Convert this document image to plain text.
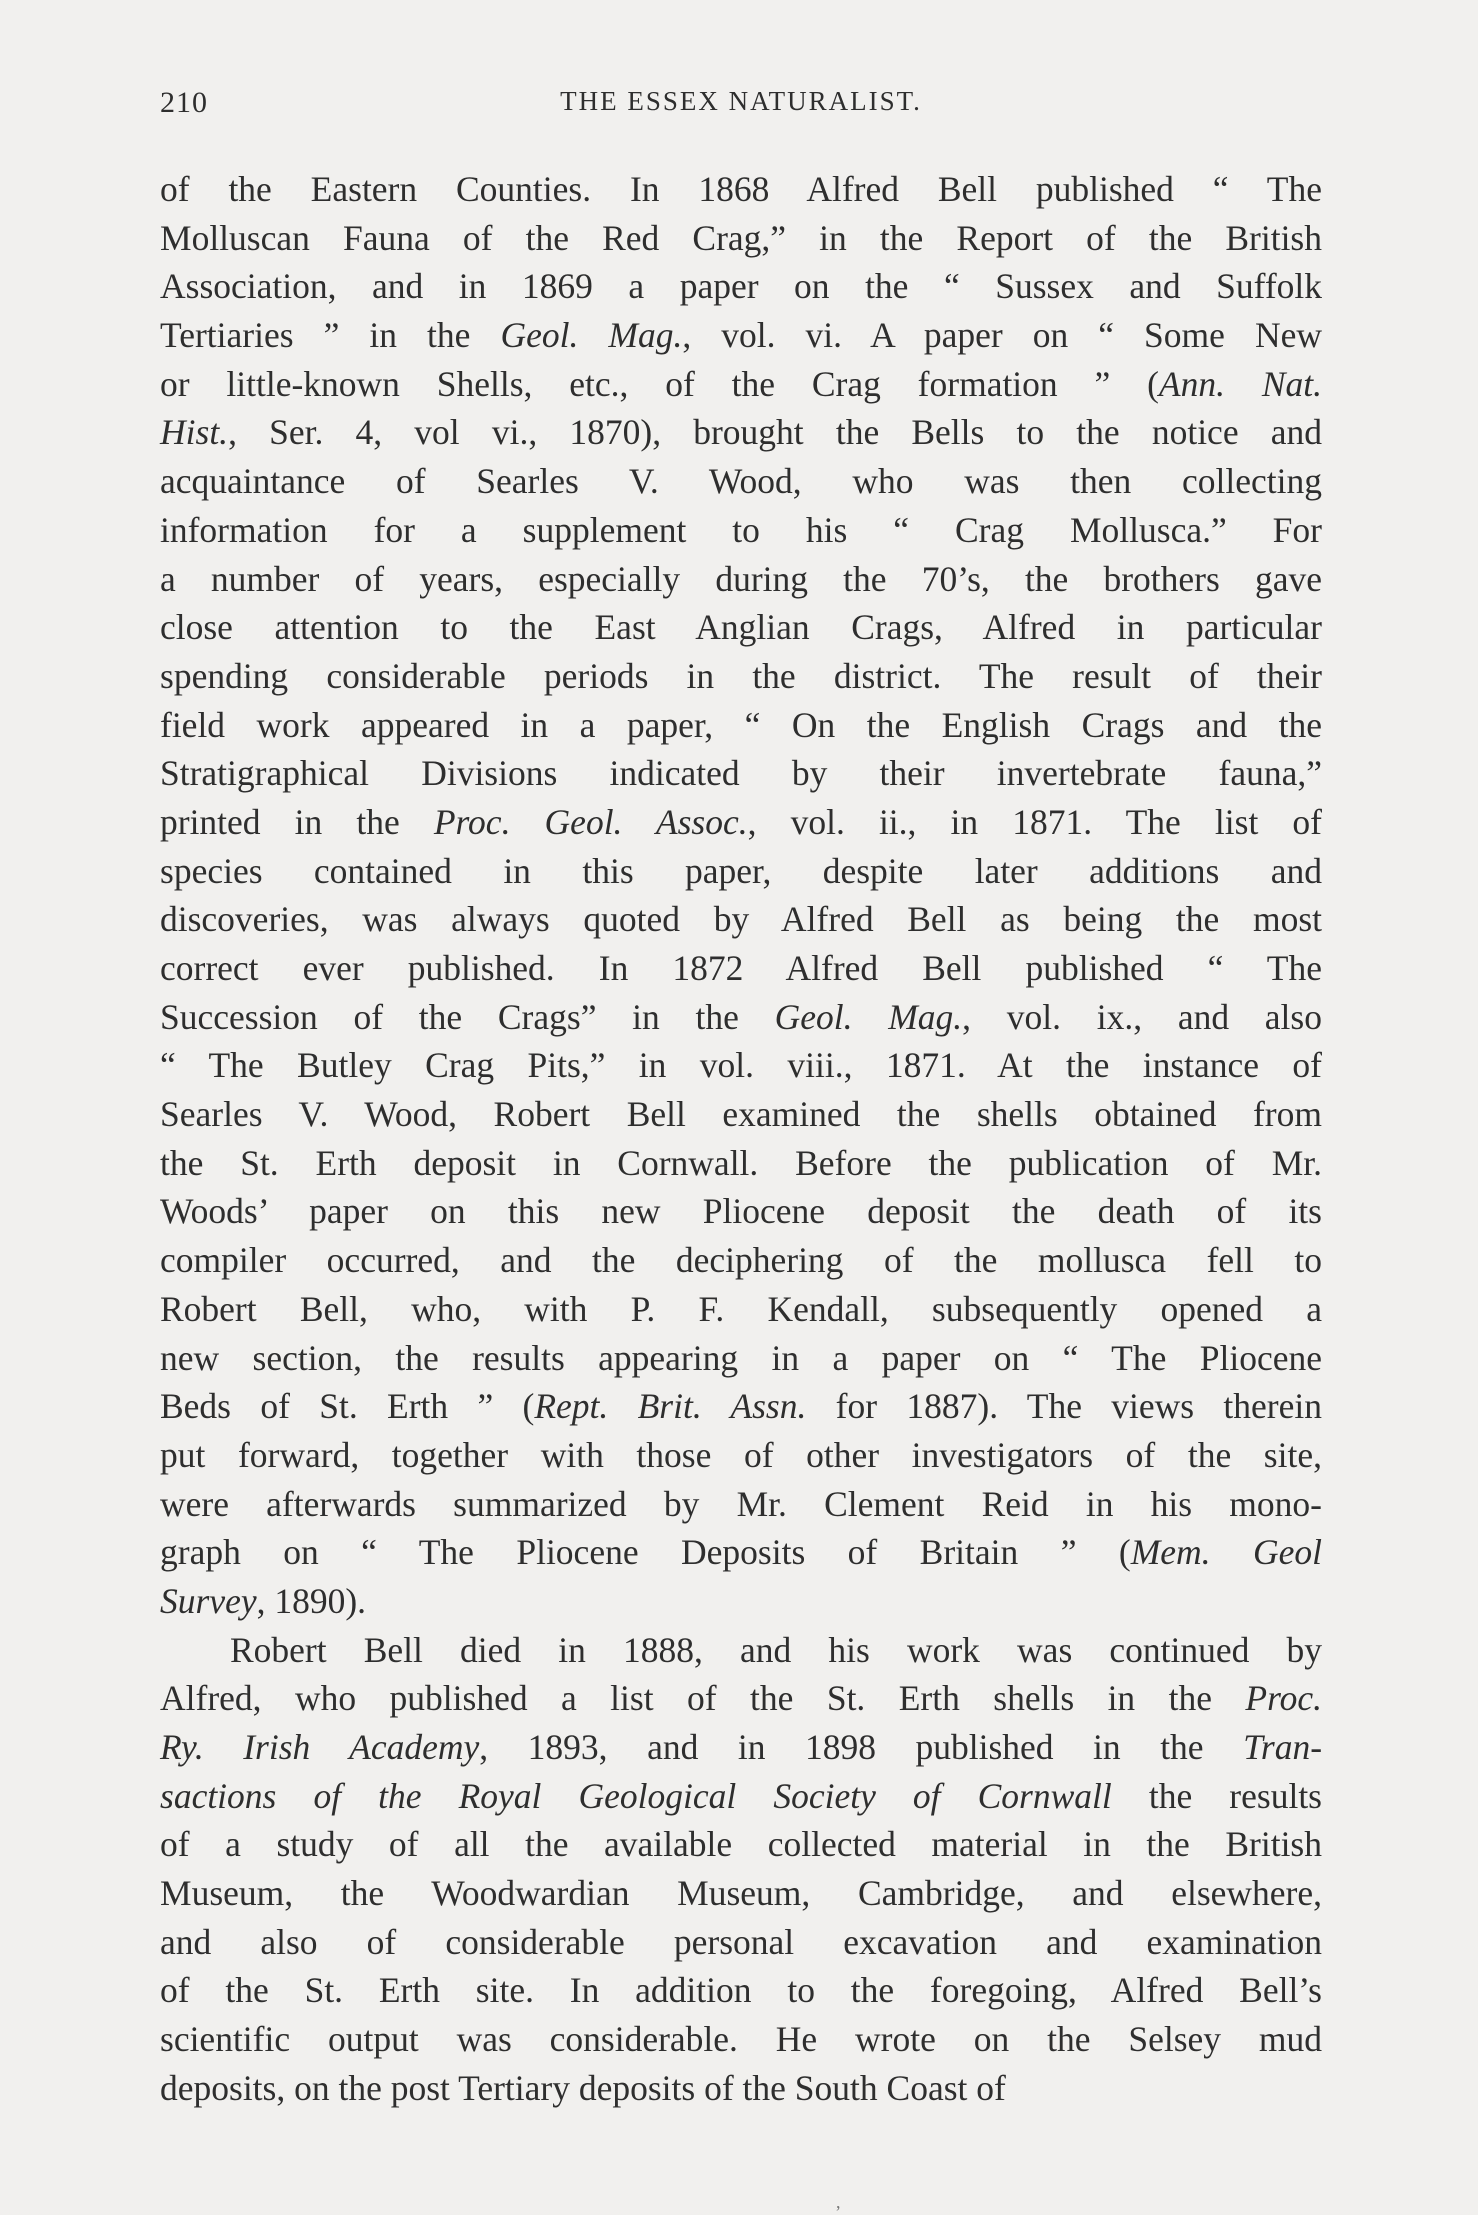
210	THE ESSEX NATURALIST.
of the Eastern Counties. In 1868 Alfred Bell published “ The
Molluscan Fauna of the Red Crag,” in the Report of the British
Association, and in 1869 a paper on the “ Sussex and Suffolk
Tertiaries ” in the Geol. Mag., vol. vi. A paper on “ Some New
or little-known Shells, etc., of the Crag formation ” (Ann. Nat.
Hist., Ser. 4, vol vi., 1870), brought the Bells to the notice and
acquaintance of Searles V. Wood, who was then collecting
information for a supplement to his “ Crag Mollusca.” For
a number of years, especially during the 70’s, the brothers gave
close attention to the East Anglian Crags, Alfred in particular
spending considerable periods in the district. The result of their
field work appeared in a paper, “ On the English Crags and the
Stratigraphical Divisions indicated by their invertebrate fauna,”
printed in the Proc. Geol. Assoc., vol. ii., in 1871. The list of
species contained in this paper, despite later additions and
discoveries, was always quoted by Alfred Bell as being the most
correct ever published. In 1872 Alfred Bell published “ The
Succession of the Crags” in the Geol. Mag., vol. ix., and also
“ The Butley Crag Pits,” in vol. viii., 1871. At the instance of
Searles V. Wood, Robert Bell examined the shells obtained from
the St. Erth deposit in Cornwall. Before the publication of Mr.
Woods’ paper on this new Pliocene deposit the death of its
compiler occurred, and the deciphering of the mollusca fell to
Robert Bell, who, with P. F. Kendall, subsequently opened a
new section, the results appearing in a paper on “ The Pliocene
Beds of St. Erth ” (Rept. Brit. Assn. for 1887). The views therein
put forward, together with those of other investigators of the site,
were afterwards summarized by Mr. Clement Reid in his mono-
graph on “ The Pliocene Deposits of Britain ” (Mem. Geol
Survey, 1890).
Robert Bell died in 1888, and his work was continued by
Alfred, who published a list of the St. Erth shells in the Proc.
Ry. Irish Academy, 1893, and in 1898 published in the Tran-
sactions of the Royal Geological Society of Cornwall the results
of a study of all the available collected material in the British
Museum, the Woodwardian Museum, Cambridge, and elsewhere,
and also of considerable personal excavation and examination
of the St. Erth site. In addition to the foregoing, Alfred Bell’s
scientific output was considerable. He wrote on the Selsey mud
deposits, on the post Tertiary deposits of the South Coast of
,
